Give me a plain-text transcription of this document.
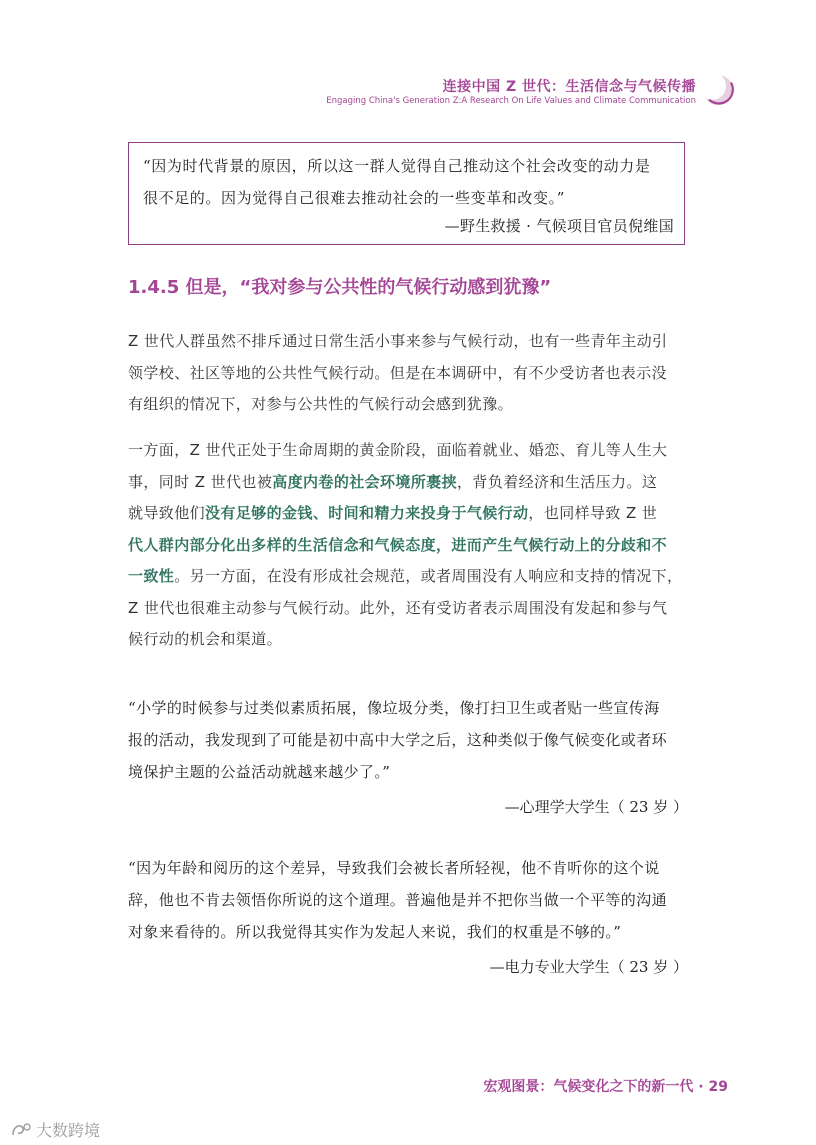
连接中国 Z 世代：生活信念与气候传播
Engaging China's Generation Z:A Research On Life Values and Climate Communication

“因为时代背景的原因，所以这一群人觉得自己推动这个社会改变的动力是

很不足的。因为觉得自己很难去推动社会的一些变革和改变。”

—野生救援 · 气候项目官员倪维国
1.4.5 但是，“我对参与公共性的气候行动感到犹豫”
Z 世代人群虽然不排斥通过日常生活小事来参与气候行动，也有一些青年主动引
领学校、社区等地的公共性气候行动。但是在本调研中，有不少受访者也表示没
有组织的情况下，对参与公共性的气候行动会感到犹豫。
一方面，Z 世代正处于生命周期的黄金阶段，面临着就业、婚恋、育儿等人生大
事，同时 Z 世代也被高度内卷的社会环境所裹挟，背负着经济和生活压力。这
就导致他们没有足够的金钱、时间和精力来投身于气候行动，也同样导致 Z 世
代人群内部分化出多样的生活信念和气候态度，进而产生气候行动上的分歧和不
一致性。另一方面，在没有形成社会规范，或者周围没有人响应和支持的情况下，
Z 世代也很难主动参与气候行动。此外，还有受访者表示周围没有发起和参与气
候行动的机会和渠道。
“小学的时候参与过类似素质拓展，像垃圾分类，像打扫卫生或者贴一些宣传海
报的活动，我发现到了可能是初中高中大学之后，这种类似于像气候变化或者环
境保护主题的公益活动就越来越少了。”
—心理学大学生（ 23 岁 ）
“因为年龄和阅历的这个差异，导致我们会被长者所轻视，他不肯听你的这个说
辞，他也不肯去领悟你所说的这个道理。普遍他是并不把你当做一个平等的沟通
对象来看待的。所以我觉得其实作为发起人来说，我们的权重是不够的。”
—电力专业大学生（ 23 岁 ）
宏观图景：气候变化之下的新一代 · 29
大数跨境
